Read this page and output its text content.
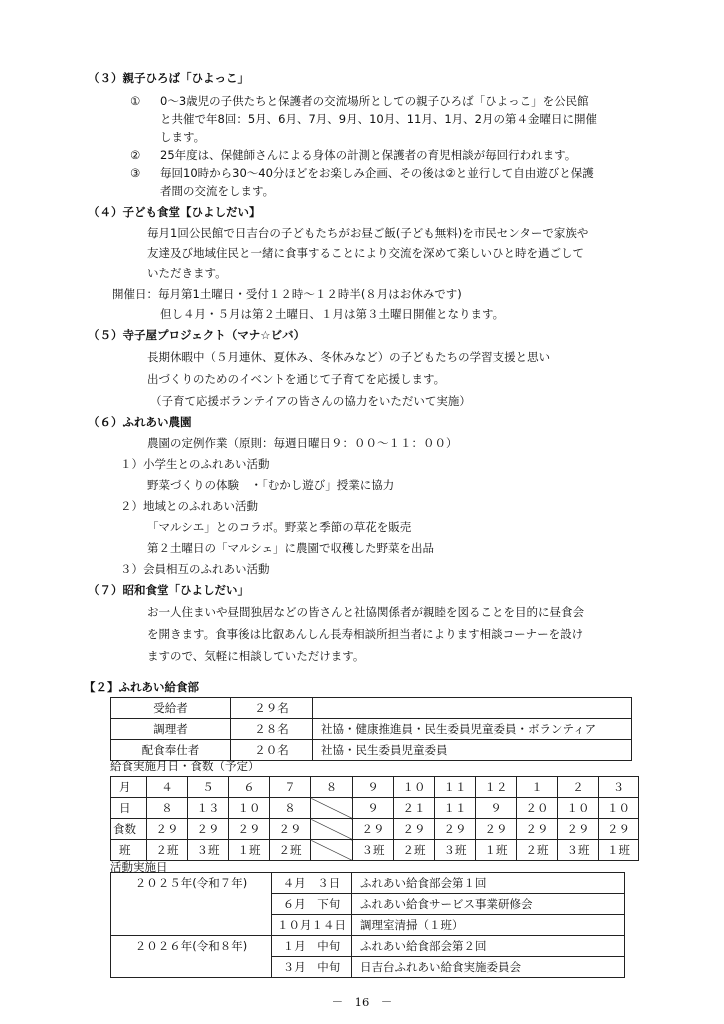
（３）親子ひろば「ひよっこ」
① 0～3歳児の子供たちと保護者の交流場所としての親子ひろば「ひよっこ」を公民館
と共催で年8回：5月、6月、7月、9月、10月、11月、1月、2月の第４金曜日に開催
します。
② 25年度は、保健師さんによる身体の計測と保護者の育児相談が毎回行われます。
③ 毎回10時から30～40分ほどをお楽しみ企画、その後は②と並行して自由遊びと保護
者間の交流をします。
（４）子ども食堂【ひよしだい】
毎月1回公民館で日吉台の子どもたちがお昼ご飯(子ども無料)を市民センターで家族や
友達及び地域住民と一緒に食事することにより交流を深めて楽しいひと時を過ごして
いただきます。
開催日：毎月第1土曜日・受付１２時～１２時半(８月はお休みです)
但し４月・５月は第２土曜日、１月は第３土曜日開催となります。
（５）寺子屋プロジェクト（マナ☆ビバ）
長期休暇中（５月連休、夏休み、冬休みなど）の子どもたちの学習支援と思い
出づくりのためのイベントを通じて子育てを応援します。
（子育て応援ボランテイアの皆さんの協力をいただいて実施）
（６）ふれあい農園
農園の定例作業（原則：毎週日曜日９：００～１１：００）
１）小学生とのふれあい活動
野菜づくりの体験　・「むかし遊び」授業に協力
２）地域とのふれあい活動
「マルシエ」とのコラボ。野菜と季節の草花を販売
第２土曜日の「マルシェ」に農園で収穫した野菜を出品
３）会員相互のふれあい活動
（７）昭和食堂「ひよしだい」
お一人住まいや昼間独居などの皆さんと社協関係者が親睦を図ることを目的に昼食会
を開きます。食事後は比叡あんしん長寿相談所担当者によります相談コーナーを設け
ますので、気軽に相談していただけます。
【２】ふれあい給食部
受給者	２９名	
調理者	２８名	社協・健康推進員・民生委員児童委員・ボランティア
配食奉仕者	２０名	社協・民生委員児童委員
給食実施月日・食数（予定）
月	４	５	６	７	８	９	１０	１１	１２	１	２	３
日	８	１３	１０	８		９	２１	１１	９	２０	１０	１０
食数	２９	２９	２９	２９		２９	２９	２９	２９	２９	２９	２９
班	２班	３班	１班	２班		３班	２班	３班	１班	２班	３班	１班
活動実施日
２０２５年(令和７年)	４月　３日	ふれあい給食部会第１回
	６月　下旬	ふれあい給食サービス事業研修会
	１０月１４日	調理室清掃（１班）
２０２６年(令和８年)	１月　中旬	ふれあい給食部会第２回
	３月　中旬	日吉台ふれあい給食実施委員会
－　16　－
